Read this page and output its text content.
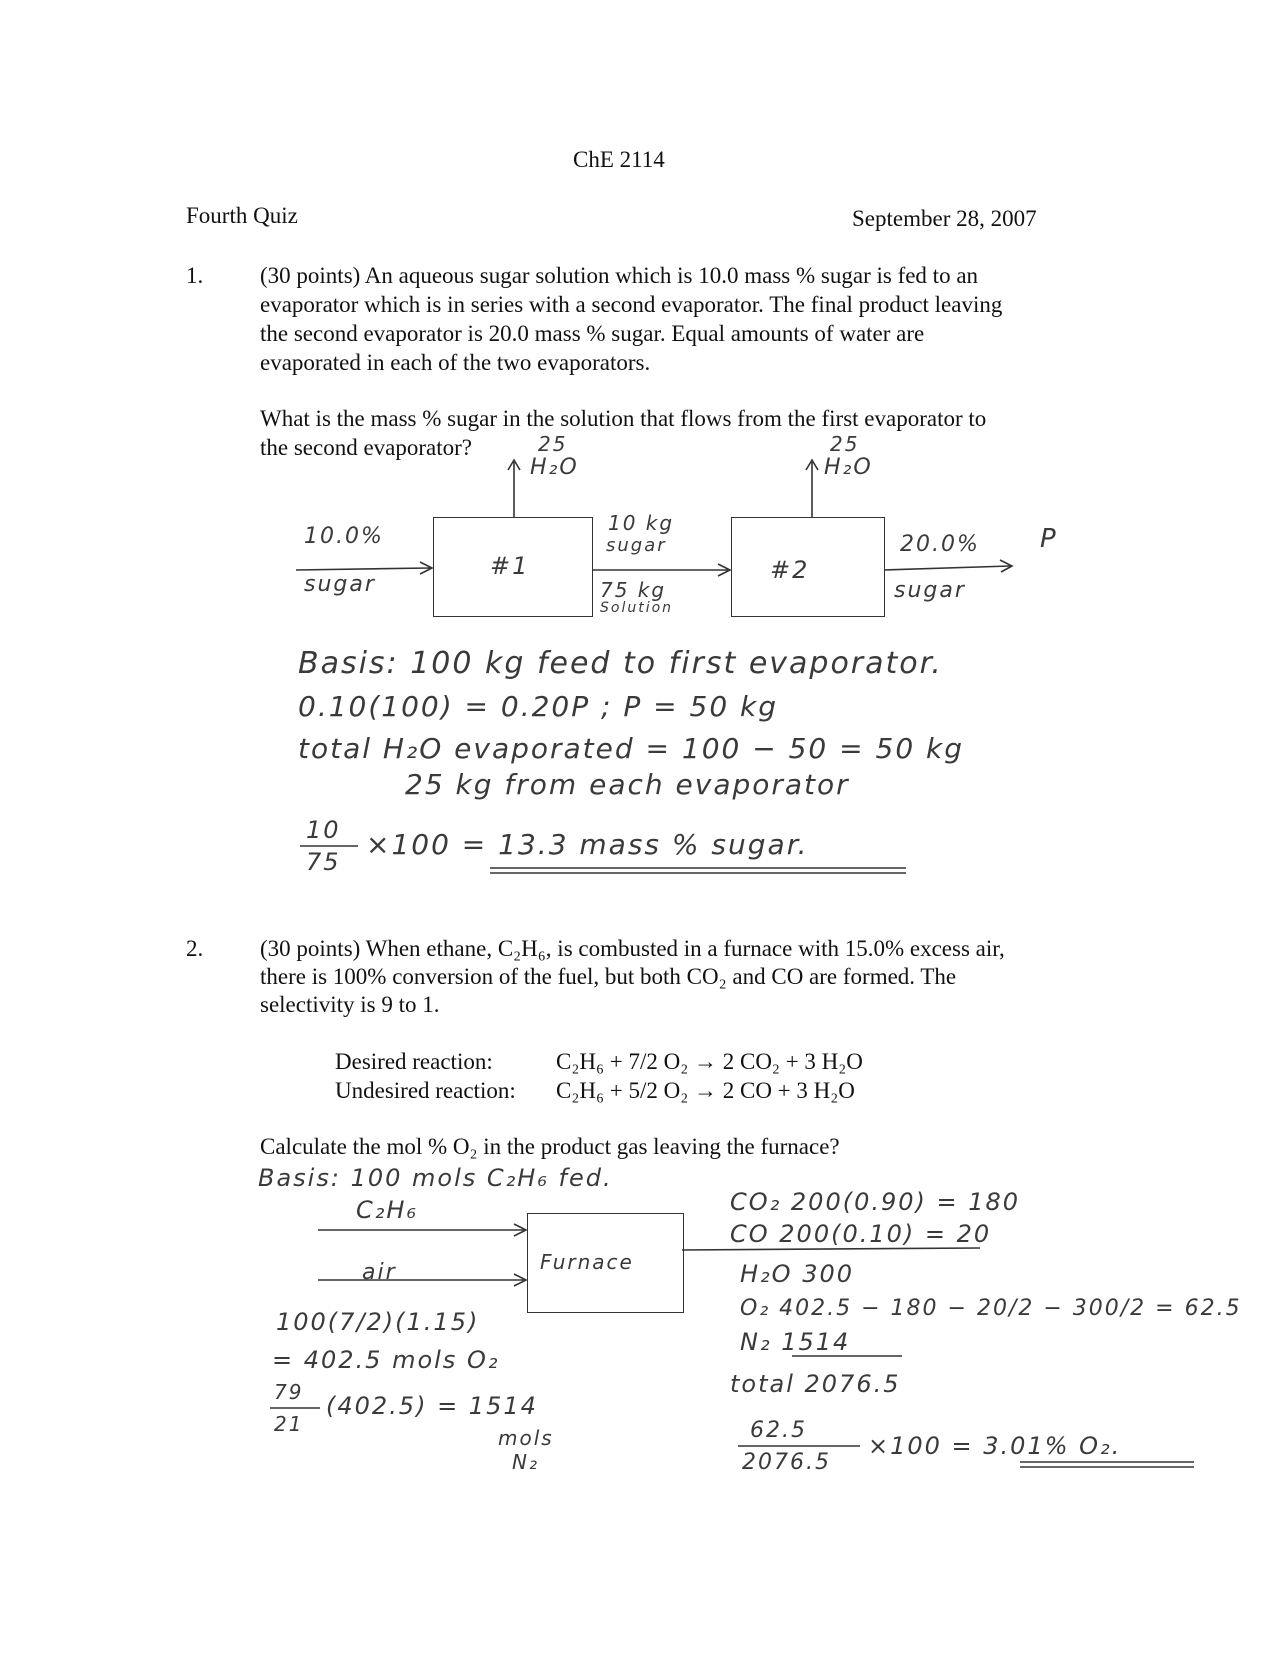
ChE 2114
Fourth Quiz	September 28, 2007
1. (30 points) An aqueous sugar solution which is 10.0 mass % sugar is fed to an
evaporator which is in series with a second evaporator. The final product leaving
the second evaporator is 20.0 mass % sugar. Equal amounts of water are
evaporated in each of the two evaporators.
What is the mass % sugar in the solution that flows from the first evaporator to
the second evaporator?	25
H₂O
25
H₂O
10.0%
sugar
#1	#2
10 kg
sugar
75 kg
Solution
20.0% P
sugar
Basis: 100 kg feed to first evaporator.
0.10(100) = 0.20P ; P = 50 kg
total H₂O evaporated = 100 − 50 = 50 kg
25 kg from each evaporator
10
75
×100 = 13.3 mass % sugar.
2. (30 points) When ethane, C₂H₆, is combusted in a furnace with 15.0% excess air,
there is 100% conversion of the fuel, but both CO₂ and CO are formed. The
selectivity is 9 to 1.
Desired reaction:	C₂H₆ + 7/2 O₂ → 2 CO₂ + 3 H₂O
Undesired reaction: C₂H₆ + 5/2 O₂ → 2 CO + 3 H₂O
Calculate the mol % O₂ in the product gas leaving the furnace?
Basis: 100 mols C₂H₆ fed.
C₂H₆
air	Furnace
100(7/2)(1.15)
= 402.5 mols O₂
79
21
(402.5) = 1514
mols
N₂
CO₂ 200(0.90) = 180
CO 200(0.10) = 20
H₂O 300
O₂ 402.5 − 180 − 20/2 − 300/2 = 62.5
N₂ 1514
total 2076.5
62.5
2076.5
×100 = 3.01% O₂.
